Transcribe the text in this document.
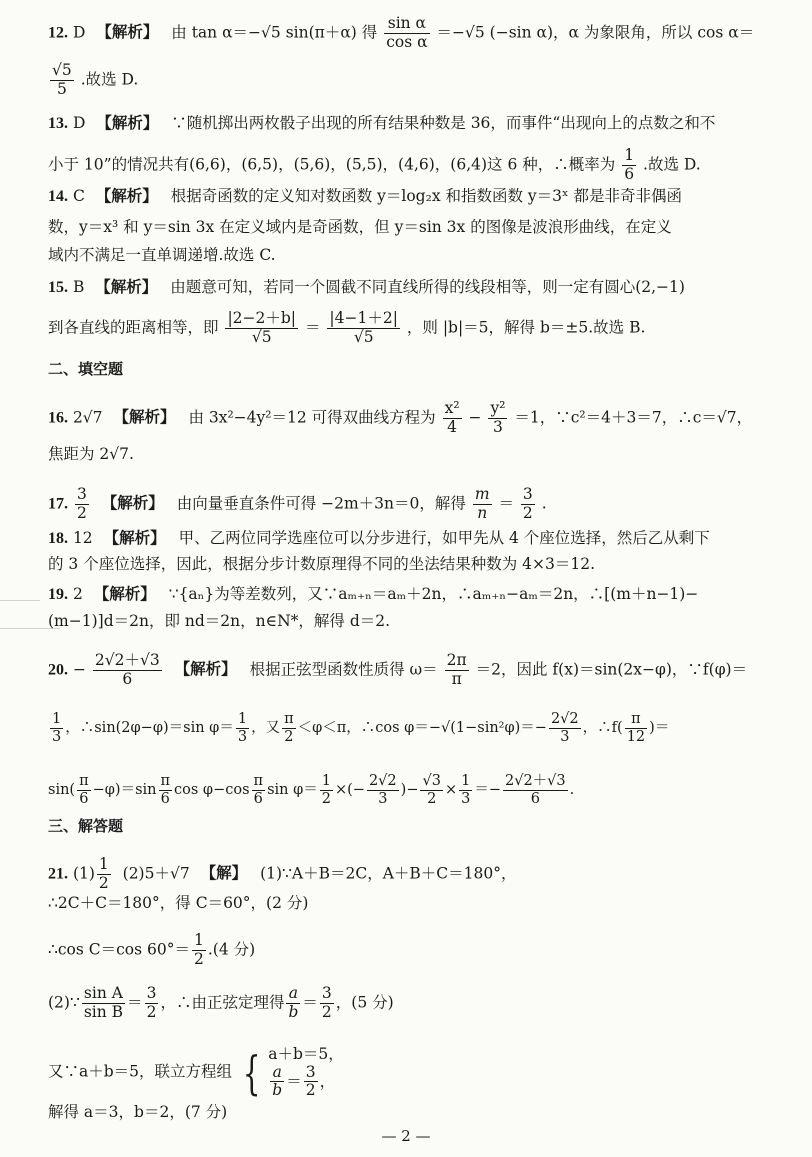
12. D 【解析】 由 tan α＝−√5 sin(π＋α) 得 $\frac{\text{sin α}}{\text{cos α}} =-√5$ (−sin α)，α 为象限角，所以 cos α＝
$\frac{√5}{5}$ .故选 D.
13. D 【解析】 ∵随机掷出两枚骰子出现的所有结果种数是 36，而事件“出现向上的点数之和不
小于 10”的情况共有(6,6)，(6,5)，(5,6)，(5,5)，(4,6)，(6,4)这 6 种，∴概率为 $\frac{1}{6}$ .故选 D.
14. C 【解析】 根据奇函数的定义知对数函数 y＝log₂x 和指数函数 y＝3ˣ 都是非奇非偶函
数，y＝x³ 和 y＝sin 3x 在定义域内是奇函数，但 y＝sin 3x 的图像是波浪形曲线，在定义
域内不满足一直单调递增.故选 C.
15. B 【解析】 由题意可知，若同一个圆截不同直线所得的线段相等，则一定有圆心(2,−1)
到各直线的距离相等，即 $\frac{|2-2+b|}{√5} = \frac{|4-1+2|}{√5}$ ，则 |b|＝5，解得 b＝±5.故选 B.
二、填空题
16. 2√7 【解析】 由 3x²−4y²＝12 可得双曲线方程为 $\frac{\text{x²}}{4} - \frac{\text{y²}}{3} =1$，∵c²＝4＋3＝7，∴c＝√7，
焦距为 2√7.
17. $\frac{3}{2}$ 【解析】 由向量垂直条件可得 −2m＋3n＝0，解得 $\frac{m}{n} = \frac{3}{2}$ .
18. 12 【解析】 甲、乙两位同学选座位可以分步进行，如甲先从 4 个座位选择，然后乙从剩下
的 3 个座位选择，因此，根据分步计数原理得不同的坐法结果种数为 4×3＝12.
19. 2 【解析】 ∵{aₙ}为等差数列，又∵aₘ₊ₙ＝aₘ＋2n，∴aₘ₊ₙ−aₘ＝2n，∴[(m＋n−1)−
(m−1)]d＝2n，即 nd＝2n，n∈N*，解得 d＝2.
20. − $\frac{2√2+√3}{6}$ 【解析】 根据正弦型函数性质得 $\omega= \frac{2\pi}{\pi} =2$，因此 f(x)＝sin(2x−φ)，∵f(φ)＝
$\frac{1}{3}$ ，∴sin(2φ−φ)＝sin $\varphi= \frac{1}{3}$ ，又 $\frac{\pi}{2} <\varphi<\pi$，∴cos $\varphi=-√(1-\sin^2\varphi)=- \frac{2√2}{3}$ ，∴f( $\frac{\pi}{12}$ )＝
$\sin( \frac{\pi}{6} -\varphi)=\sin \frac{\pi}{6}$ $\cos \varphi-\cos \frac{\pi}{6}$ $\sin \varphi= \frac{1}{2}$ ×(− $\frac{2√2}{3}$ )− $\frac{√3}{2} \times \frac{1}{3} =- \frac{2√2+√3}{6}$ .
三、解答题
21. $(1) \frac{1}{2} (2)5+√7$ 【解】 (1)∵A＋B＝2C，A＋B＋C＝180°，
∴2C＋C＝180°，得 C＝60°，(2 分)
∴cos C＝cos $60^\circ= \frac{1}{2} .(4$ 分)
(2)∵ $\frac{\text{sin A}}{\text{sin B}} = \frac{3}{2}$ ，∴由正弦定理得 $\frac{a}{b} = \frac{3}{2}$ ，(5 分)
又∵a＋b＝5，联立方程组 { a＋b＝5，
$\frac{a}{b} = \frac{3}{2}$ ，
解得 a＝3，b＝2，(7 分)
— 2 —
